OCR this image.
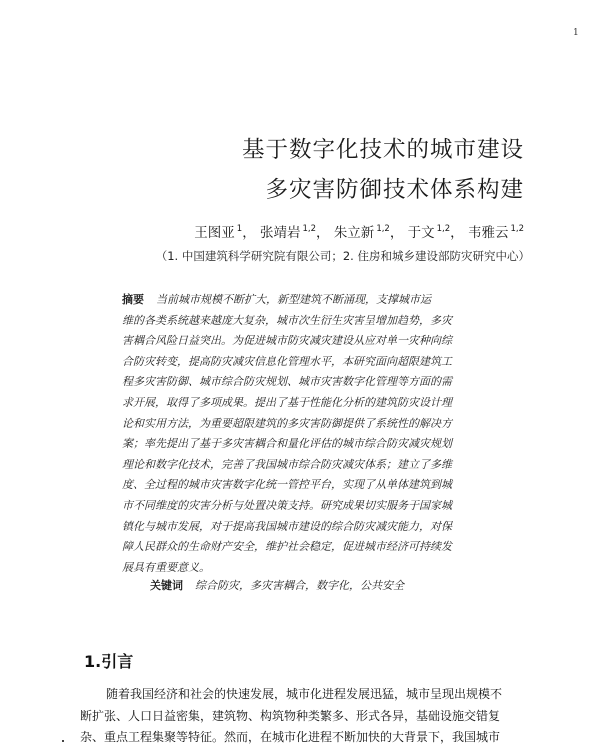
1
基于数字化技术的城市建设
多灾害防御技术体系构建
王图亚 $^1$， 张靖岩 $^{1,2}$， 朱立新 $^{1,2}$， 于文 $^{1,2}$， 韦雅云 $^{1,2}$
（1. 中国建筑科学研究院有限公司；2. 住房和城乡建设部防灾研究中心）
摘要 当前城市规模不断扩大，新型建筑不断涌现，支撑城市运
维的各类系统越来越庞大复杂，城市次生衍生灾害呈增加趋势，多灾
害耦合风险日益突出。为促进城市防灾减灾建设从应对单一灾种向综
合防灾转变，提高防灾减灾信息化管理水平，本研究面向超限建筑工
程多灾害防御、城市综合防灾规划、城市灾害数字化管理等方面的需
求开展，取得了多项成果。提出了基于性能化分析的建筑防灾设计理
论和实用方法，为重要超限建筑的多灾害防御提供了系统性的解决方
案；率先提出了基于多灾害耦合和量化评估的城市综合防灾减灾规划
理论和数字化技术，完善了我国城市综合防灾减灾体系；建立了多维
度、全过程的城市灾害数字化统一管控平台，实现了从单体建筑到城
市不同维度的灾害分析与处置决策支持。研究成果切实服务于国家城
镇化与城市发展，对于提高我国城市建设的综合防灾减灾能力，对保
障人民群众的生命财产安全，维护社会稳定，促进城市经济可持续发
展具有重要意义。
关键词 综合防灾，多灾害耦合，数字化，公共安全
1.引言
随着我国经济和社会的快速发展，城市化进程发展迅猛，城市呈现出规模不
断扩张、人口日益密集，建筑物、构筑物种类繁多、形式各异，基础设施交错复
杂、重点工程集聚等特征。然而，在城市化进程不断加快的大背景下，我国城市
